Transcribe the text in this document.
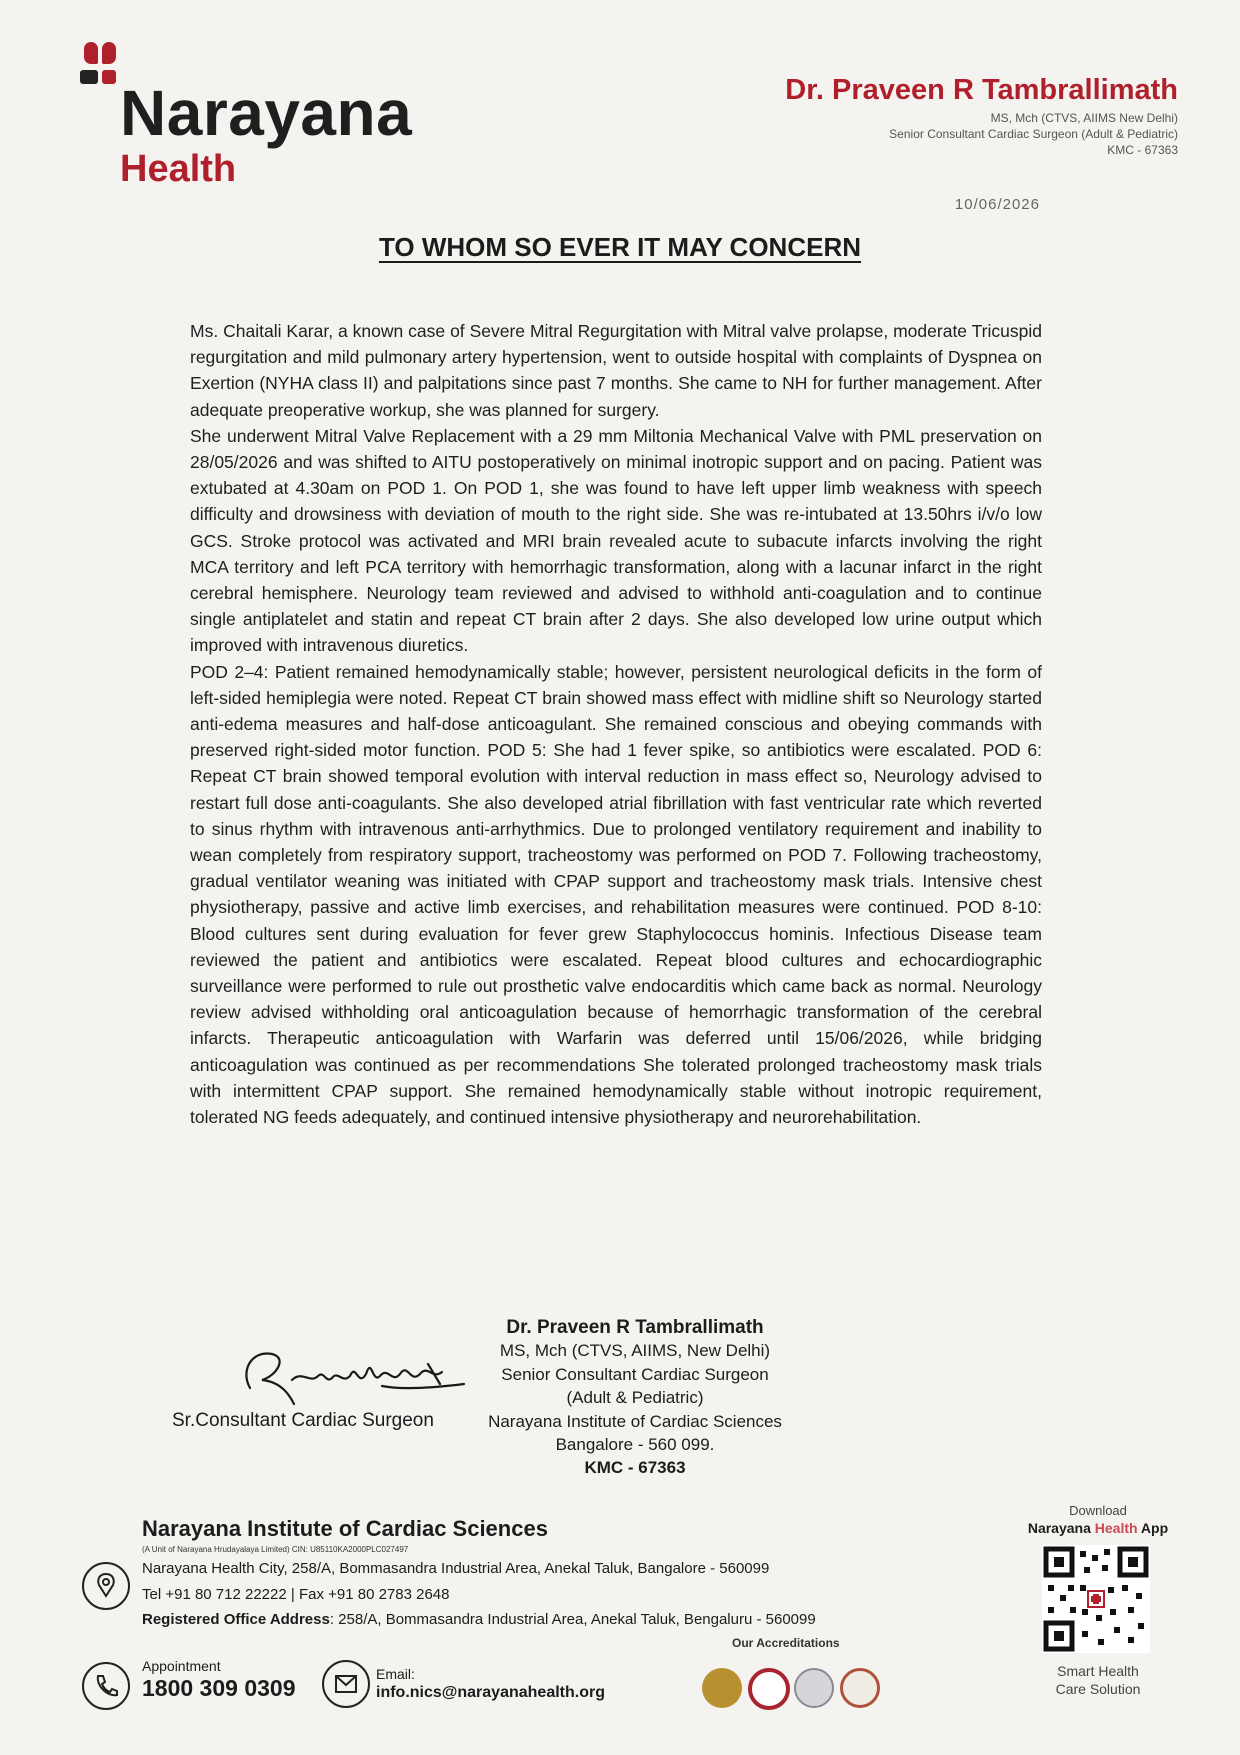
Narayana
Health
Dr. Praveen R Tambrallimath
MS, Mch (CTVS, AIIMS New Delhi)
Senior Consultant Cardiac Surgeon (Adult & Pediatric)
KMC - 67363
10/06/2026
TO WHOM SO EVER IT MAY CONCERN

Ms. Chaitali Karar, a known case of Severe Mitral Regurgitation with Mitral valve prolapse, moderate Tricuspid regurgitation and mild pulmonary artery hypertension, went to outside hospital with complaints of Dyspnea on Exertion (NYHA class II) and palpitations since past 7 months. She came to NH for further management. After adequate preoperative workup, she was planned for surgery.

She underwent Mitral Valve Replacement with a 29 mm Miltonia Mechanical Valve with PML preservation on 28/05/2026 and was shifted to AITU postoperatively on minimal inotropic support and on pacing. Patient was extubated at 4.30am on POD 1. On POD 1, she was found to have left upper limb weakness with speech difficulty and drowsiness with deviation of mouth to the right side. She was re-intubated at 13.50hrs i/v/o low GCS. Stroke protocol was activated and MRI brain revealed acute to subacute infarcts involving the right MCA territory and left PCA territory with hemorrhagic transformation, along with a lacunar infarct in the right cerebral hemisphere. Neurology team reviewed and advised to withhold anti-coagulation and to continue single antiplatelet and statin and repeat CT brain after 2 days. She also developed low urine output which improved with intravenous diuretics.

POD 2–4: Patient remained hemodynamically stable; however, persistent neurological deficits in the form of left-sided hemiplegia were noted. Repeat CT brain showed mass effect with midline shift so Neurology started anti-edema measures and half-dose anticoagulant. She remained conscious and obeying commands with preserved right-sided motor function. POD 5: She had 1 fever spike, so antibiotics were escalated. POD 6: Repeat CT brain showed temporal evolution with interval reduction in mass effect so, Neurology advised to restart full dose anti-coagulants. She also developed atrial fibrillation with fast ventricular rate which reverted to sinus rhythm with intravenous anti-arrhythmics. Due to prolonged ventilatory requirement and inability to wean completely from respiratory support, tracheostomy was performed on POD 7. Following tracheostomy, gradual ventilator weaning was initiated with CPAP support and tracheostomy mask trials. Intensive chest physiotherapy, passive and active limb exercises, and rehabilitation measures were continued. POD 8-10: Blood cultures sent during evaluation for fever grew Staphylococcus hominis. Infectious Disease team reviewed the patient and antibiotics were escalated. Repeat blood cultures and echocardiographic surveillance were performed to rule out prosthetic valve endocarditis which came back as normal. Neurology review advised withholding oral anticoagulation because of hemorrhagic transformation of the cerebral infarcts. Therapeutic anticoagulation with Warfarin was deferred until 15/06/2026, while bridging anticoagulation was continued as per recommendations She tolerated prolonged tracheostomy mask trials with intermittent CPAP support. She remained hemodynamically stable without inotropic requirement, tolerated NG feeds adequately, and continued intensive physiotherapy and neurorehabilitation.

Sr.Consultant Cardiac Surgeon
Dr. Praveen R Tambrallimath
MS, Mch (CTVS, AIIMS, New Delhi)
Senior Consultant Cardiac Surgeon
(Adult & Pediatric)
Narayana Institute of Cardiac Sciences
Bangalore - 560 099.
KMC - 67363
Narayana Institute of Cardiac Sciences
(A Unit of Narayana Hrudayalaya Limited) CIN: U85110KA2000PLC027497
Narayana Health City, 258/A, Bommasandra Industrial Area, Anekal Taluk, Bangalore - 560099
Tel +91 80 712 22222 | Fax +91 80 2783 2648
Registered Office Address: 258/A, Bommasandra Industrial Area, Anekal Taluk, Bengaluru - 560099
Appointment
1800 309 0309
Email:
info.nics@narayanahealth.org
Our Accreditations
Download
Narayana Health App
Smart Health
Care Solution
